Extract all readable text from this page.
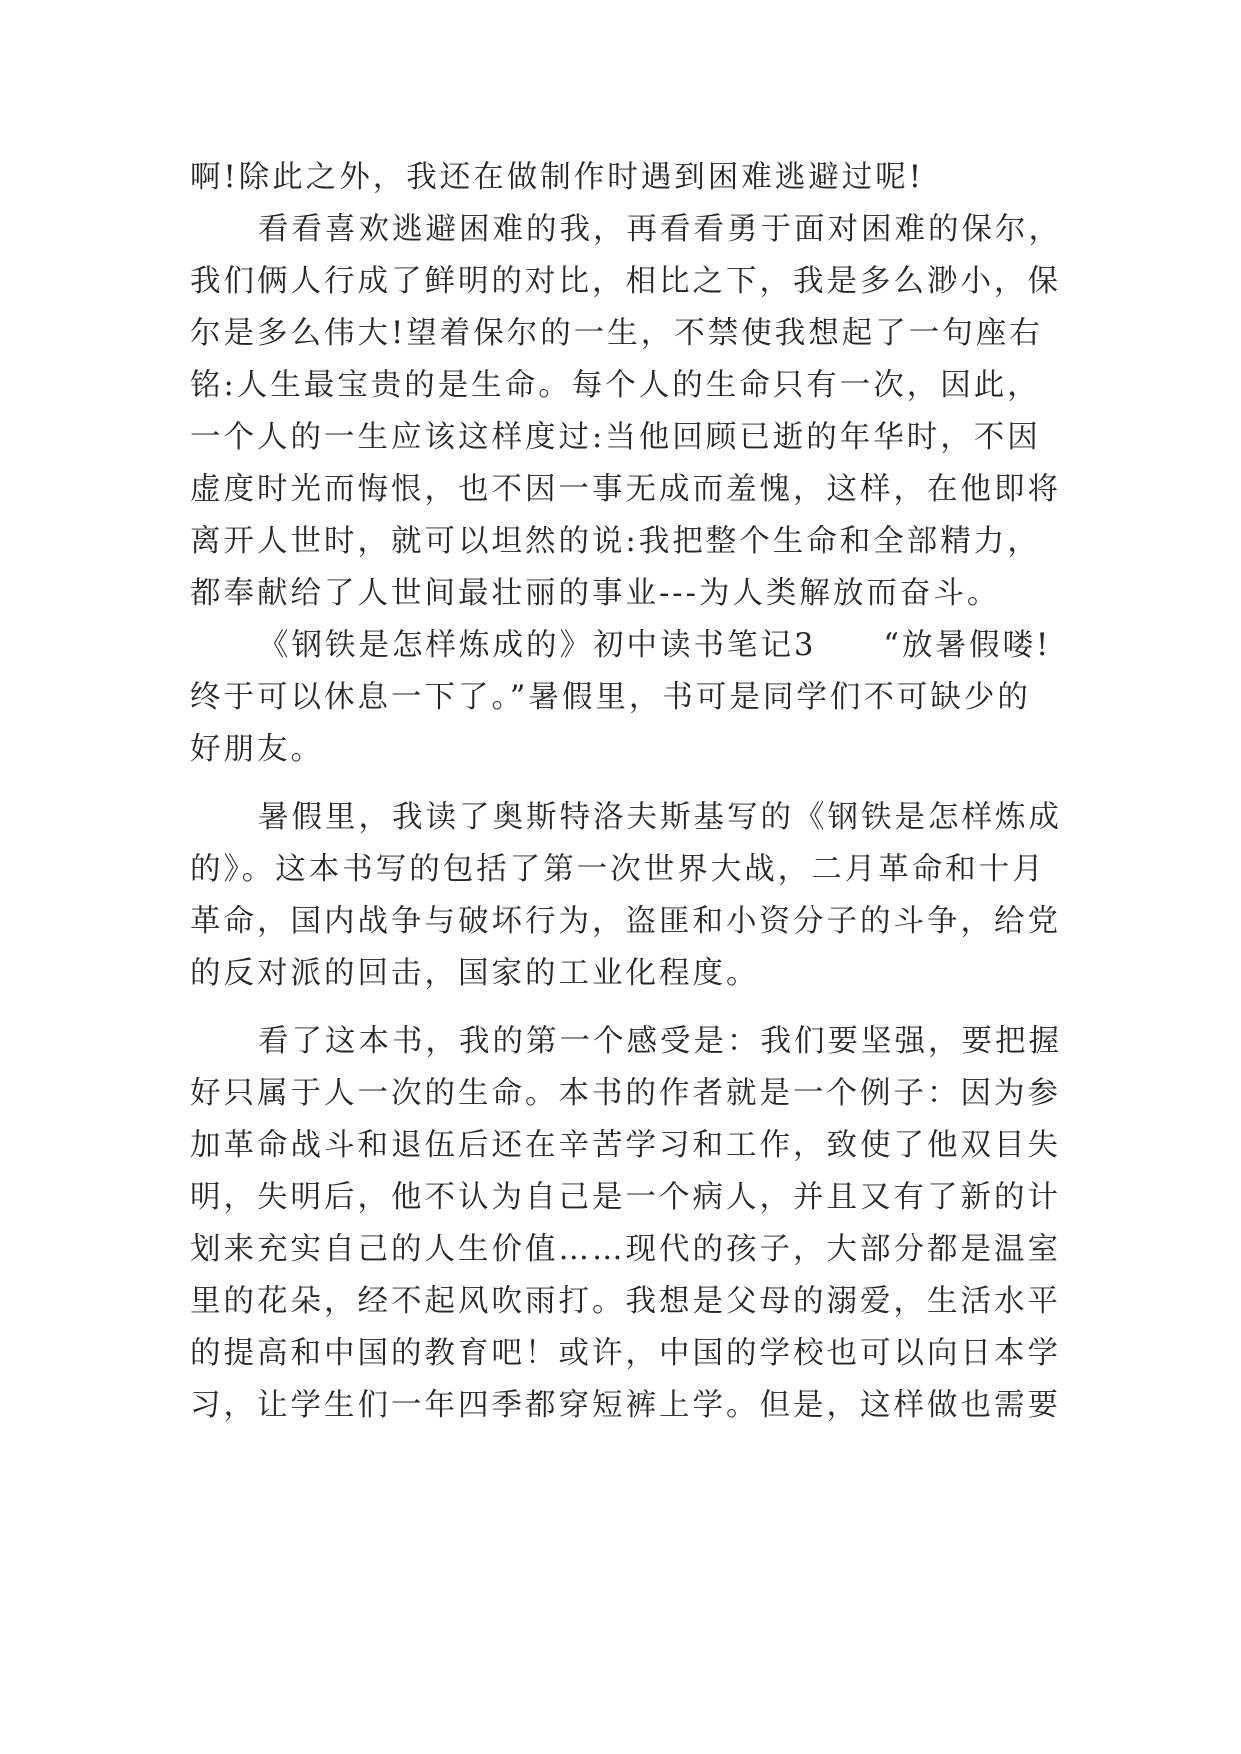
啊!除此之外，我还在做制作时遇到困难逃避过呢!
看看喜欢逃避困难的我，再看看勇于面对困难的保尔，
我们俩人行成了鲜明的对比，相比之下，我是多么渺小，保
尔是多么伟大!望着保尔的一生，不禁使我想起了一句座右
铭:人生最宝贵的是生命。每个人的生命只有一次，因此，
一个人的一生应该这样度过:当他回顾已逝的年华时，不因
虚度时光而悔恨，也不因一事无成而羞愧，这样，在他即将
离开人世时，就可以坦然的说:我把整个生命和全部精力，
都奉献给了人世间最壮丽的事业---为人类解放而奋斗。
《钢铁是怎样炼成的》初中读书笔记3　　“放暑假喽!
终于可以休息一下了。”暑假里，书可是同学们不可缺少的
好朋友。
暑假里，我读了奥斯特洛夫斯基写的《钢铁是怎样炼成
的》。这本书写的包括了第一次世界大战，二月革命和十月
革命，国内战争与破坏行为，盗匪和小资分子的斗争，给党
的反对派的回击，国家的工业化程度。
看了这本书，我的第一个感受是：我们要坚强，要把握
好只属于人一次的生命。本书的作者就是一个例子：因为参
加革命战斗和退伍后还在辛苦学习和工作，致使了他双目失
明，失明后，他不认为自己是一个病人，并且又有了新的计
划来充实自己的人生价值……现代的孩子，大部分都是温室
里的花朵，经不起风吹雨打。我想是父母的溺爱，生活水平
的提高和中国的教育吧！或许，中国的学校也可以向日本学
习，让学生们一年四季都穿短裤上学。但是，这样做也需要
